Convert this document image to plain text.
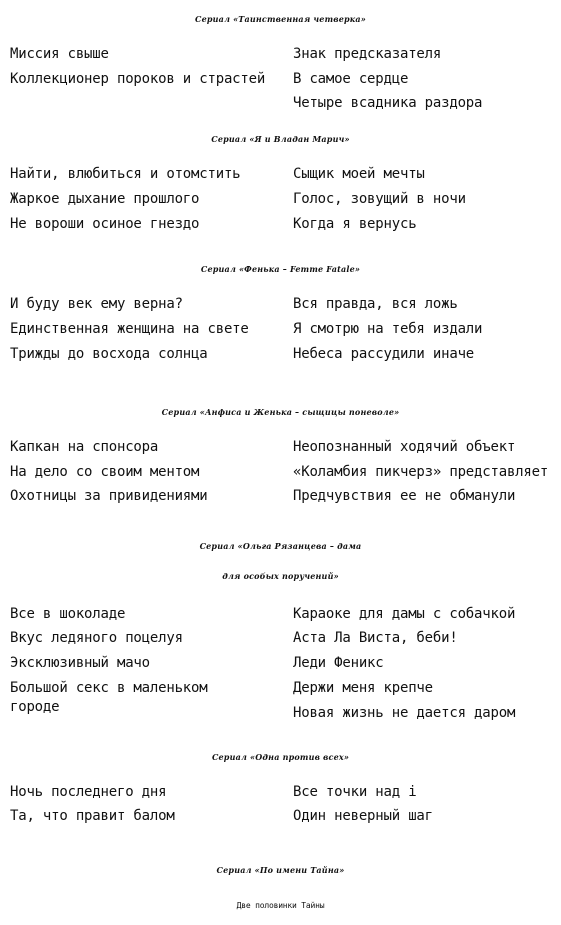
Сериал «Таинственная четверка»
Миссия свыше
Коллекционер пороков и страстей
Знак предсказателя
В самое сердце
Четыре всадника раздора
Сериал «Я и Владан Марич»
Найти, влюбиться и отомстить
Жаркое дыхание прошлого
Не вороши осиное гнездо
Сыщик моей мечты
Голос, зовущий в ночи
Когда я вернусь
Сериал «Фенька – Femme Fatale»
И буду век ему верна?
Единственная женщина на свете
Трижды до восхода солнца
Вся правда, вся ложь
Я смотрю на тебя издали
Небеса рассудили иначе
Сериал «Анфиса и Женька – сыщицы поневоле»
Капкан на спонсора
На дело со своим ментом
Охотницы за привидениями
Неопознанный ходячий объект
«Коламбия пикчерз» представляет
Предчувствия ее не обманули
Сериал «Ольга Рязанцева – дама
для особых поручений»
Все в шоколаде
Вкус ледяного поцелуя
Эксклюзивный мачо
Большой секс в маленьком
городе
Караоке для дамы с собачкой
Аста Ла Виста, беби!
Леди Феникс
Держи меня крепче
Новая жизнь не дается даром
Сериал «Одна против всех»
Ночь последнего дня
Та, что правит балом
Все точки над i
Один неверный шаг
Сериал «По имени Тайна»
Две половинки Тайны
